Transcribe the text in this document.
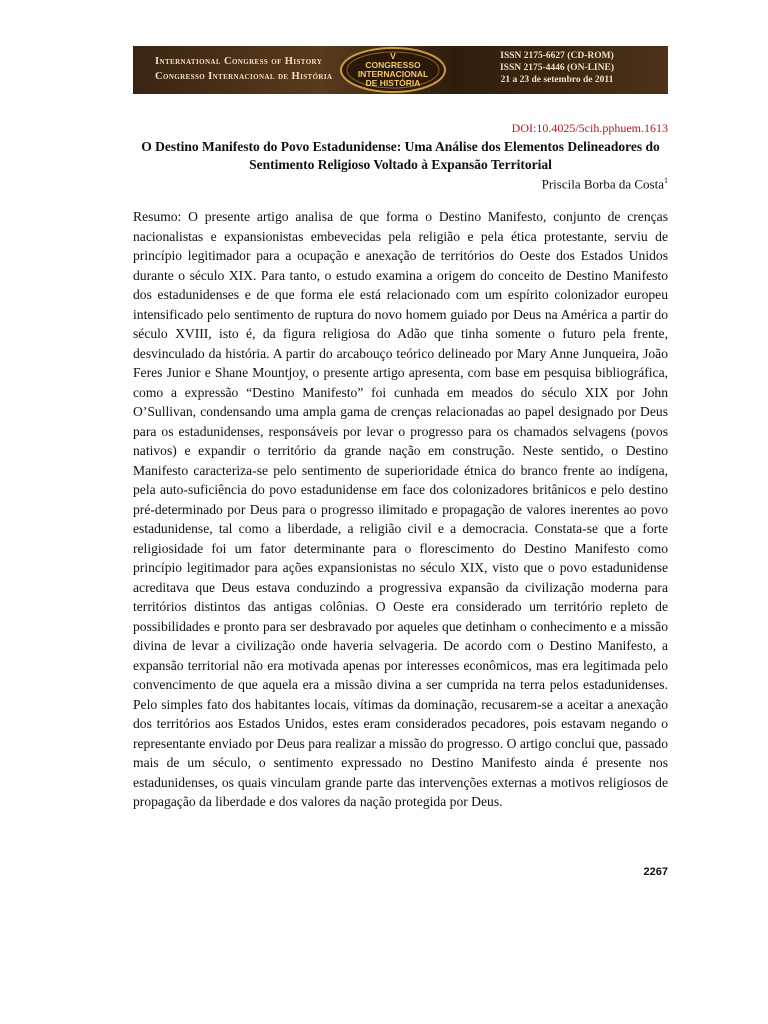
International Congress of History
Congresso Internacional de História
V
CONGRESSO
INTERNACIONAL
DE HISTÓRIA
ISSN 2175-6627 (CD-ROM)
ISSN 2175-4446 (ON-LINE)
21 a 23 de setembro de 2011
DOI:10.4025/5cih.pphuem.1613
O Destino Manifesto do Povo Estadunidense: Uma Análise dos Elementos Delineadores do Sentimento Religioso Voltado à Expansão Territorial
Priscila Borba da Costa$^1$

Resumo: O presente artigo analisa de que forma o Destino Manifesto, conjunto de crenças nacionalistas e expansionistas embevecidas pela religião e pela ética protestante, serviu de princípio legitimador para a ocupação e anexação de territórios do Oeste dos Estados Unidos durante o século XIX. Para tanto, o estudo examina a origem do conceito de Destino Manifesto dos estadunidenses e de que forma ele está relacionado com um espírito colonizador europeu intensificado pelo sentimento de ruptura do novo homem guiado por Deus na América a partir do século XVIII, isto é, da figura religiosa do Adão que tinha somente o futuro pela frente, desvinculado da história. A partir do arcabouço teórico delineado por Mary Anne Junqueira, João Feres Junior e Shane Mountjoy, o presente artigo apresenta, com base em pesquisa bibliográfica, como a expressão “Destino Manifesto” foi cunhada em meados do século XIX por John O’Sullivan, condensando uma ampla gama de crenças relacionadas ao papel designado por Deus para os estadunidenses, responsáveis por levar o progresso para os chamados selvagens (povos nativos) e expandir o território da grande nação em construção. Neste sentido, o Destino Manifesto caracteriza-se pelo sentimento de superioridade étnica do branco frente ao indígena, pela auto-suficiência do povo estadunidense em face dos colonizadores britânicos e pelo destino pré-determinado por Deus para o progresso ilimitado e propagação de valores inerentes ao povo estadunidense, tal como a liberdade, a religião civil e a democracia. Constata-se que a forte religiosidade foi um fator determinante para o florescimento do Destino Manifesto como princípio legitimador para ações expansionistas no século XIX, visto que o povo estadunidense acreditava que Deus estava conduzindo a progressiva expansão da civilização moderna para territórios distintos das antigas colônias. O Oeste era considerado um território repleto de possibilidades e pronto para ser desbravado por aqueles que detinham o conhecimento e a missão divina de levar a civilização onde haveria selvageria. De acordo com o Destino Manifesto, a expansão territorial não era motivada apenas por interesses econômicos, mas era legitimada pelo convencimento de que aquela era a missão divina a ser cumprida na terra pelos estadunidenses. Pelo simples fato dos habitantes locais, vítimas da dominação, recusarem-se a aceitar a anexação dos territórios aos Estados Unidos, estes eram considerados pecadores, pois estavam negando o representante enviado por Deus para realizar a missão do progresso. O artigo conclui que, passado mais de um século, o sentimento expressado no Destino Manifesto ainda é presente nos estadunidenses, os quais vinculam grande parte das intervenções externas a motivos religiosos de propagação da liberdade e dos valores da nação protegida por Deus.

2267
